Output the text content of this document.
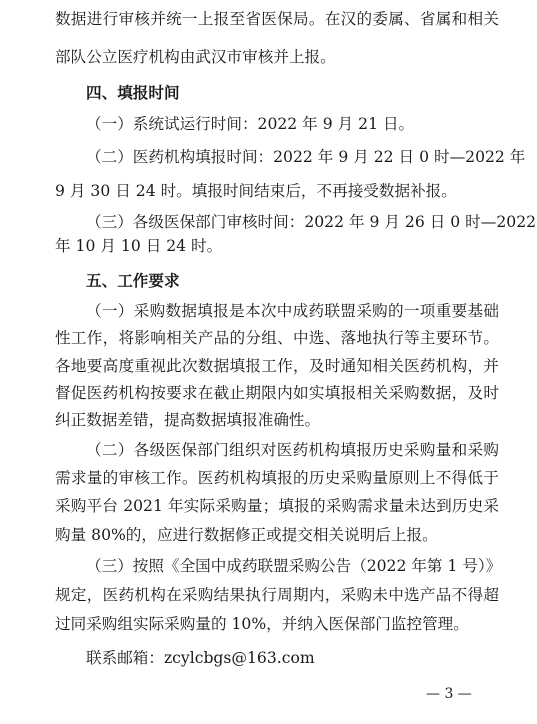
数据进行审核并统一上报至省医保局。在汉的委属、省属和相关
部队公立医疗机构由武汉市审核并上报。
四、填报时间
（一）系统试运行时间：2022 年 9 月 21 日。
（二）医药机构填报时间：2022 年 9 月 22 日 0 时—2022 年
9 月 30 日 24 时。填报时间结束后，不再接受数据补报。
（三）各级医保部门审核时间：2022 年 9 月 26 日 0 时—2022
年 10 月 10 日 24 时。
五、工作要求
（一）采购数据填报是本次中成药联盟采购的一项重要基础
性工作，将影响相关产品的分组、中选、落地执行等主要环节。
各地要高度重视此次数据填报工作，及时通知相关医药机构，并
督促医药机构按要求在截止期限内如实填报相关采购数据，及时
纠正数据差错，提高数据填报准确性。
（二）各级医保部门组织对医药机构填报历史采购量和采购
需求量的审核工作。医药机构填报的历史采购量原则上不得低于
采购平台 2021 年实际采购量；填报的采购需求量未达到历史采
购量 80%的，应进行数据修正或提交相关说明后上报。
（三）按照《全国中成药联盟采购公告（2022 年第 1 号）》
规定，医药机构在采购结果执行周期内，采购未中选产品不得超
过同采购组实际采购量的 10%，并纳入医保部门监控管理。
联系邮箱：zcylcbgs@163.com
— 3 —
